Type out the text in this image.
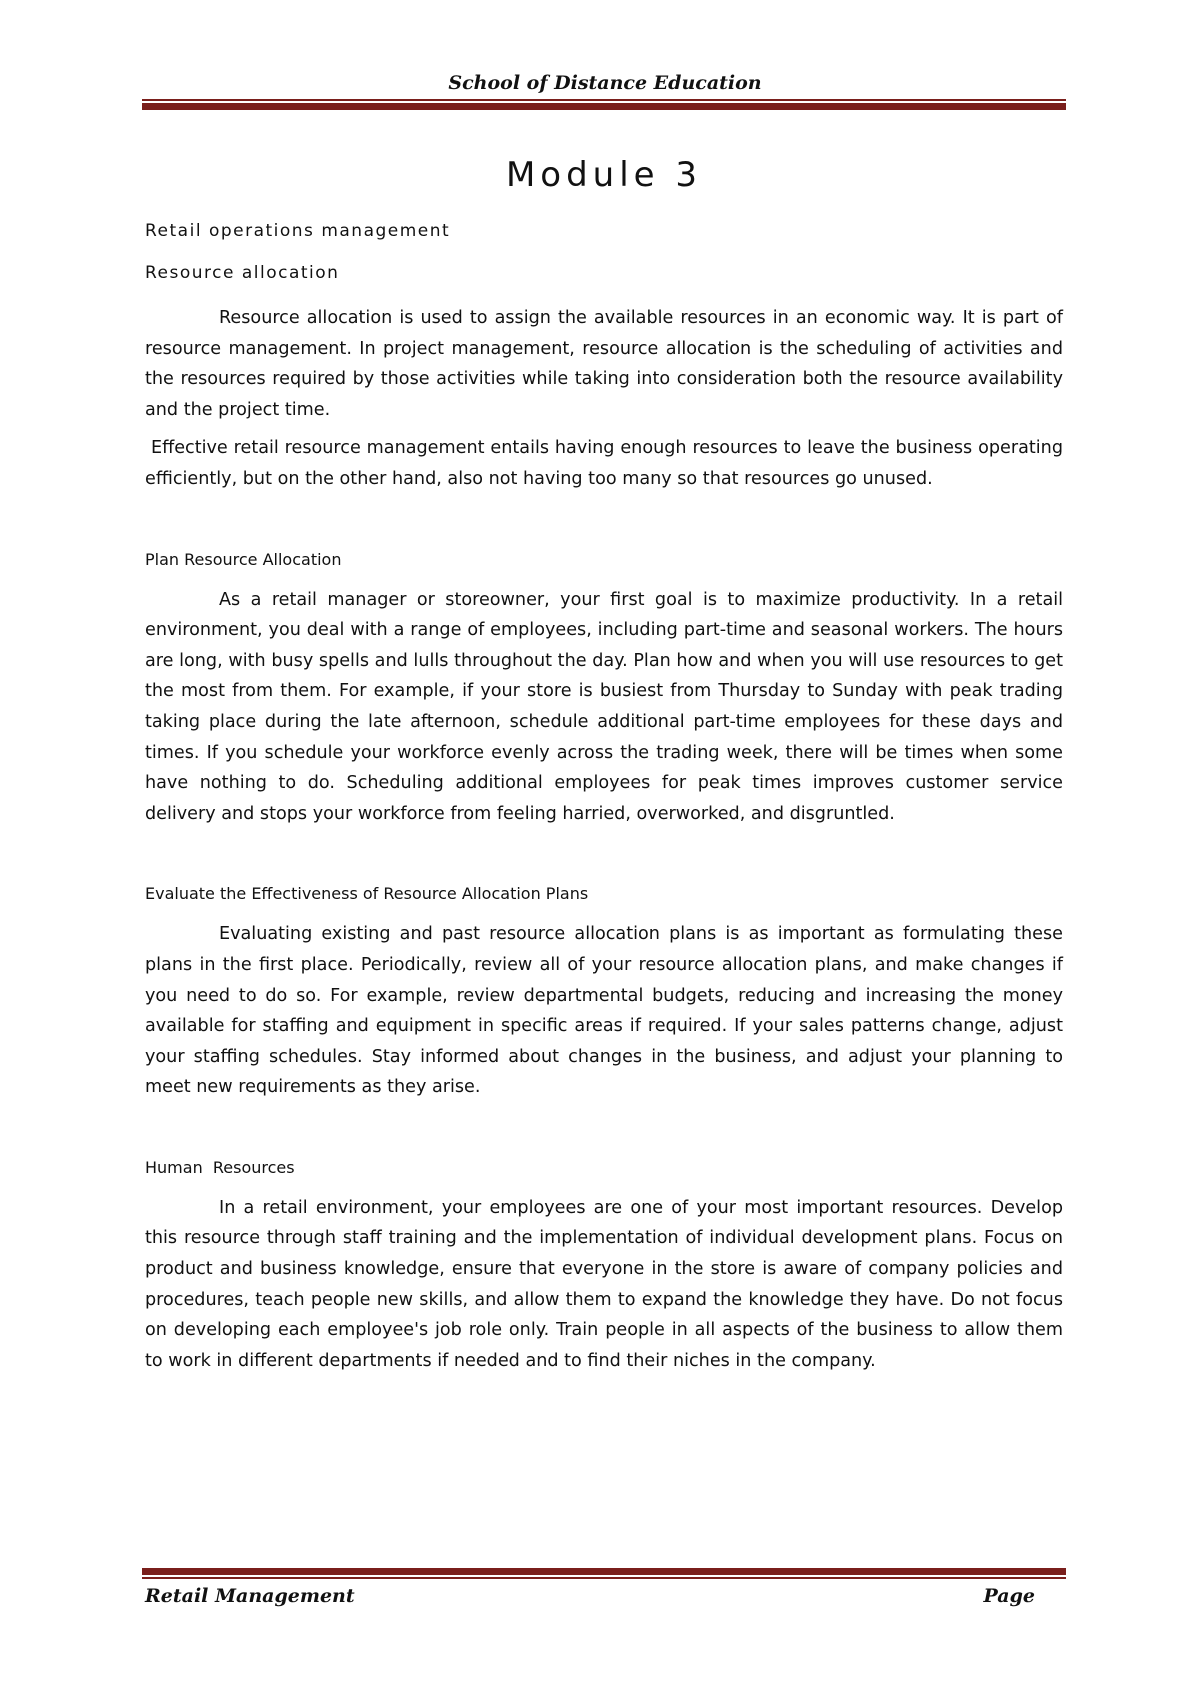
School of Distance Education
Module 3
Retail operations management
Resource allocation

Resource allocation is used to assign the available resources in an economic way. It is part of resource management. In project management, resource allocation is the scheduling of activities and the resources required by those activities while taking into consideration both the resource availability and the project time.

Effective retail resource management entails having enough resources to leave the business operating efficiently, but on the other hand, also not having too many so that resources go unused.

Plan Resource Allocation

As a retail manager or storeowner, your first goal is to maximize productivity. In a retail environment, you deal with a range of employees, including part-time and seasonal workers. The hours are long, with busy spells and lulls throughout the day. Plan how and when you will use resources to get the most from them. For example, if your store is busiest from Thursday to Sunday with peak trading taking place during the late afternoon, schedule additional part-time employees for these days and times. If you schedule your workforce evenly across the trading week, there will be times when some have nothing to do. Scheduling additional employees for peak times improves customer service delivery and stops your workforce from feeling harried, overworked, and disgruntled.

Evaluate the Effectiveness of Resource Allocation Plans

Evaluating existing and past resource allocation plans is as important as formulating these plans in the first place. Periodically, review all of your resource allocation plans, and make changes if you need to do so. For example, review departmental budgets, reducing and increasing the money available for staffing and equipment in specific areas if required. If your sales patterns change, adjust your staffing schedules. Stay informed about changes in the business, and adjust your planning to meet new requirements as they arise.

Human  Resources

In a retail environment, your employees are one of your most important resources. Develop this resource through staff training and the implementation of individual development plans. Focus on product and business knowledge, ensure that everyone in the store is aware of company policies and procedures, teach people new skills, and allow them to expand the knowledge they have. Do not focus on developing each employee's job role only. Train people in all aspects of the business to allow them to work in different departments if needed and to find their niches in the company.

Retail Management	Page
